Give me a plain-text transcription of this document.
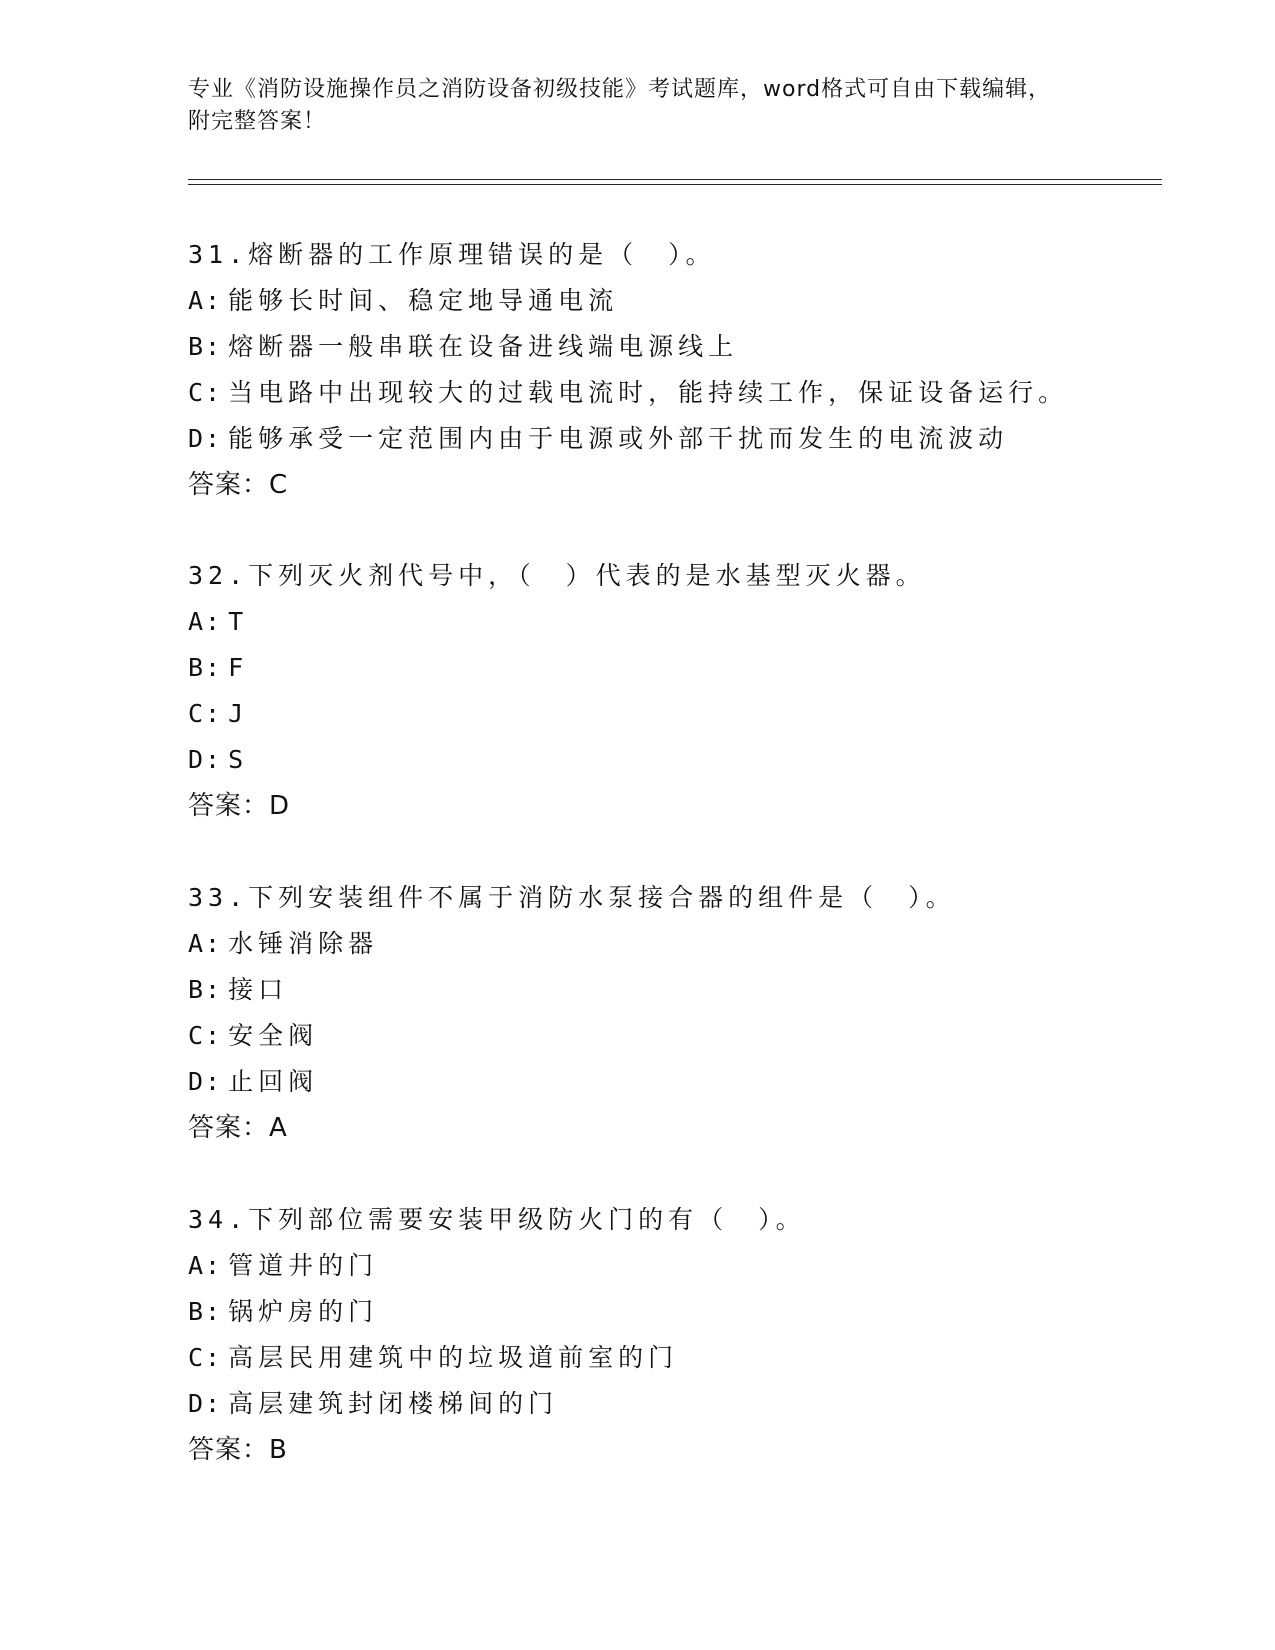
专业《消防设施操作员之消防设备初级技能》考试题库，word格式可自由下载编辑，附完整答案！
31.熔断器的工作原理错误的是（　）。
A: 能够长时间、稳定地导通电流
B: 熔断器一般串联在设备进线端电源线上
C: 当电路中出现较大的过载电流时，能持续工作，保证设备运行。
D: 能够承受一定范围内由于电源或外部干扰而发生的电流波动
答案：C
32.下列灭火剂代号中，（　）代表的是水基型灭火器。
A: T
B: F
C: J
D: S
答案：D
33.下列安装组件不属于消防水泵接合器的组件是（　）。
A: 水锤消除器
B: 接口
C: 安全阀
D: 止回阀
答案：A
34.下列部位需要安装甲级防火门的有（　）。
A: 管道井的门
B: 锅炉房的门
C: 高层民用建筑中的垃圾道前室的门
D: 高层建筑封闭楼梯间的门
答案：B
